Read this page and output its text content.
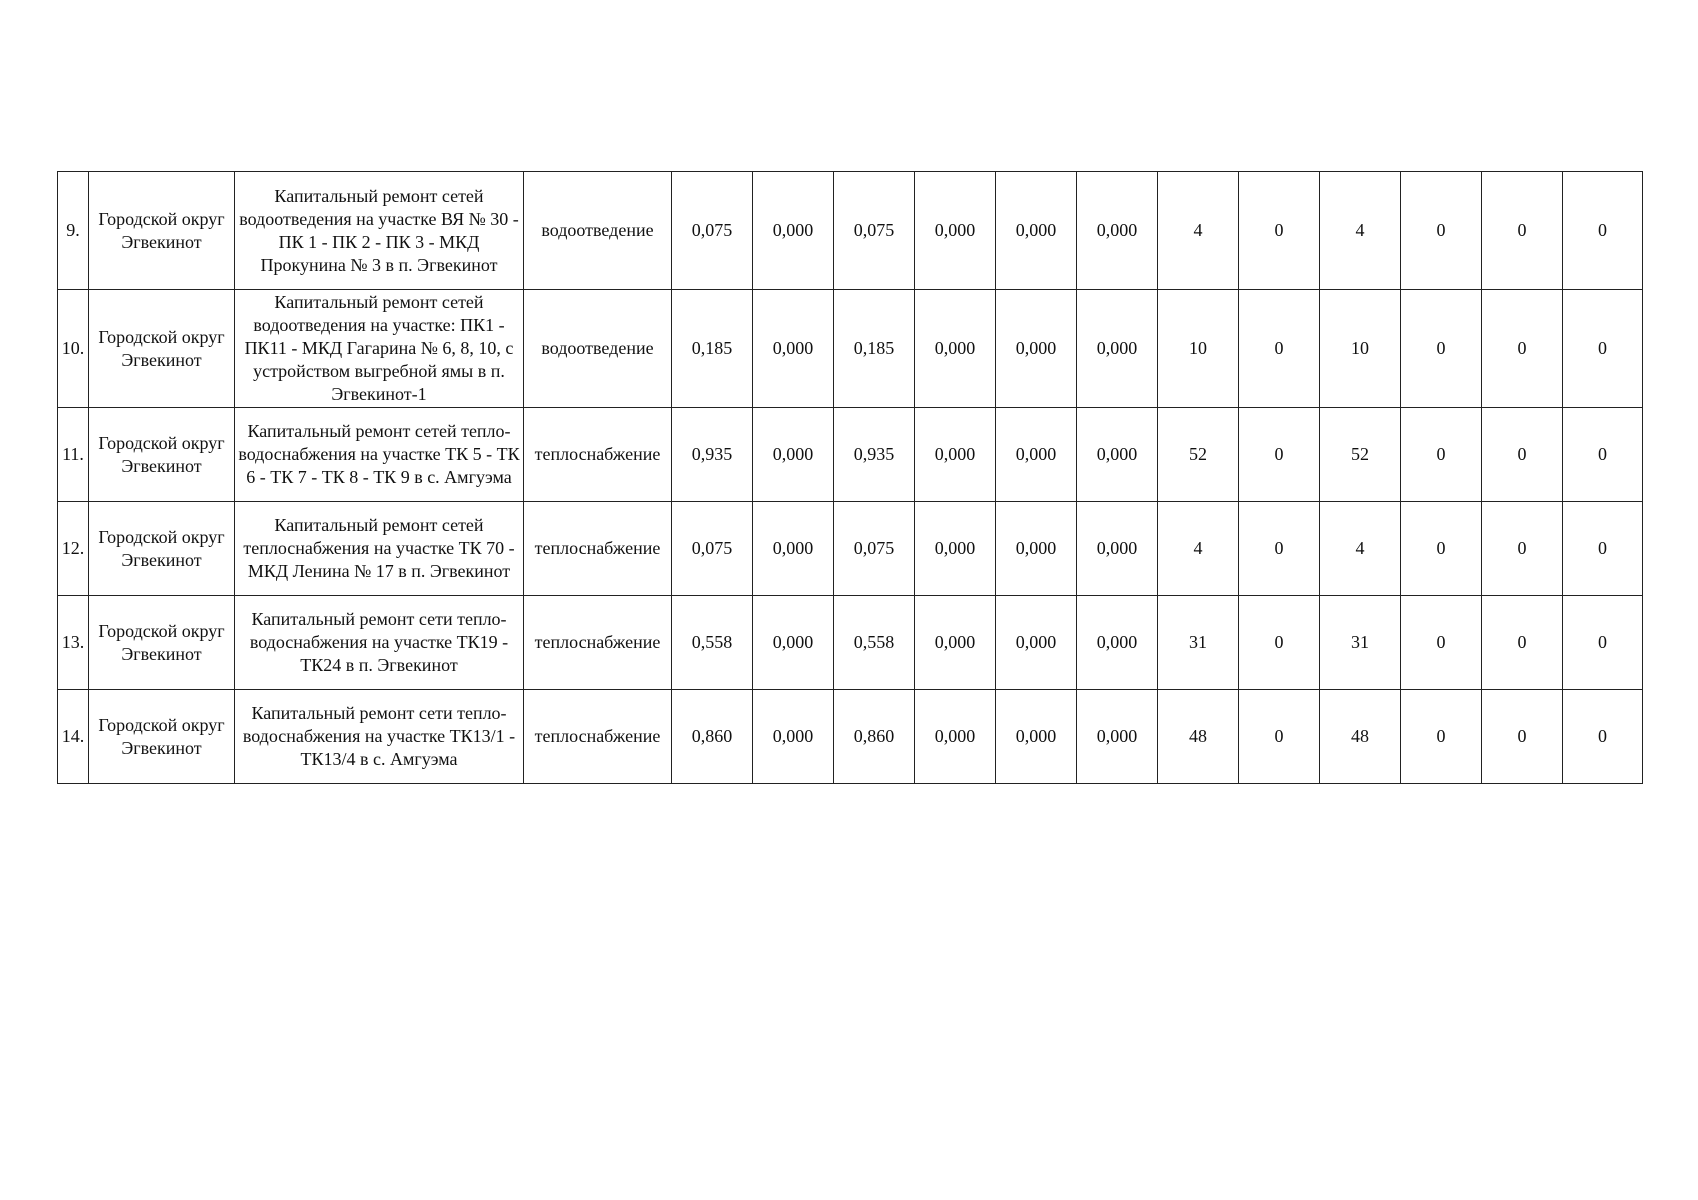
9.	Городской округ Эгвекинот	Капитальный ремонт сетей водоотведения на участке ВЯ № 30 - ПК 1 - ПК 2 - ПК 3 - МКД Прокунина № 3 в п. Эгвекинот	водоотведение	0,075	0,000	0,075	0,000	0,000	0,000	4	0	4	0	0	0
10.	Городской округ Эгвекинот	Капитальный ремонт сетей водоотведения на участке: ПК1 - ПК11 - МКД Гагарина № 6, 8, 10, с устройством выгребной ямы в п. Эгвекинот-1	водоотведение	0,185	0,000	0,185	0,000	0,000	0,000	10	0	10	0	0	0
11.	Городской округ Эгвекинот	Капитальный ремонт сетей тепло-водоснабжения на участке ТК 5 - ТК 6 - ТК 7 - ТК 8 - ТК 9 в с. Амгуэма	теплоснабжение	0,935	0,000	0,935	0,000	0,000	0,000	52	0	52	0	0	0
12.	Городской округ Эгвекинот	Капитальный ремонт сетей теплоснабжения на участке ТК 70 - МКД Ленина № 17 в п. Эгвекинот	теплоснабжение	0,075	0,000	0,075	0,000	0,000	0,000	4	0	4	0	0	0
13.	Городской округ Эгвекинот	Капитальный ремонт сети тепло-водоснабжения на участке ТК19 - ТК24 в п. Эгвекинот	теплоснабжение	0,558	0,000	0,558	0,000	0,000	0,000	31	0	31	0	0	0
14.	Городской округ Эгвекинот	Капитальный ремонт сети тепло-водоснабжения на участке ТК13/1 - ТК13/4 в с. Амгуэма	теплоснабжение	0,860	0,000	0,860	0,000	0,000	0,000	48	0	48	0	0	0
